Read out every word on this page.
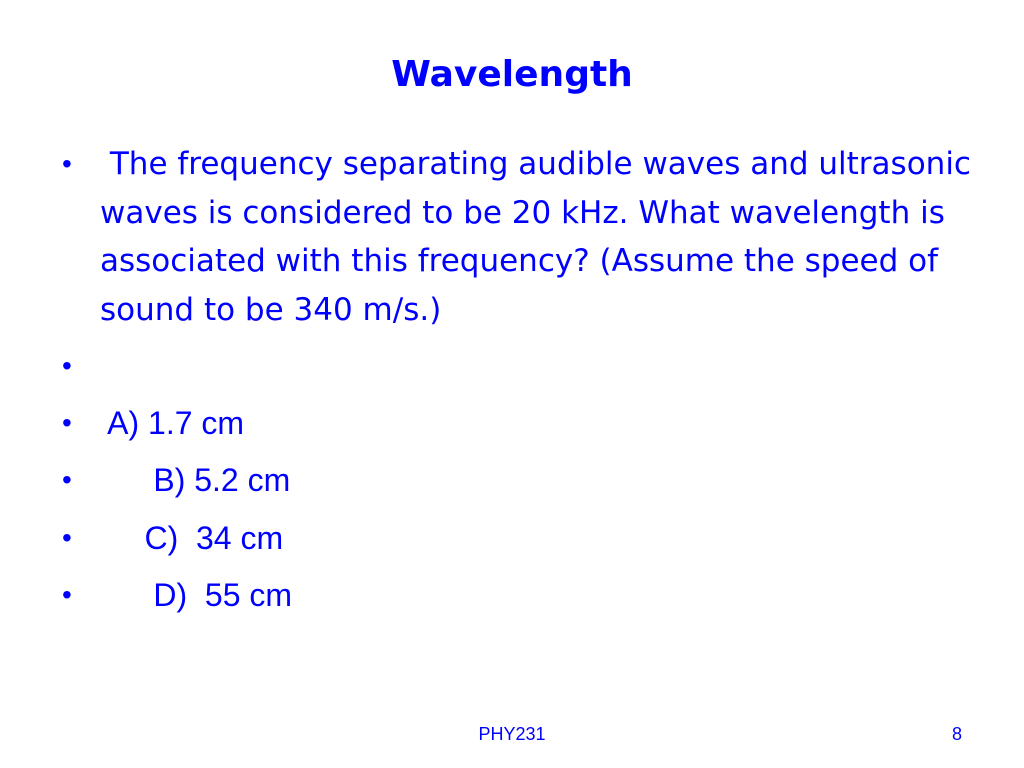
Wavelength
• The frequency separating audible waves and ultrasonic waves is considered to be 20 kHz. What wavelength is associated with this frequency? (Assume the speed of sound to be 340 m/s.)
•
• A) 1.7 cm
• B) 5.2 cm
• C)  34 cm
• D)  55 cm
PHY231	8
